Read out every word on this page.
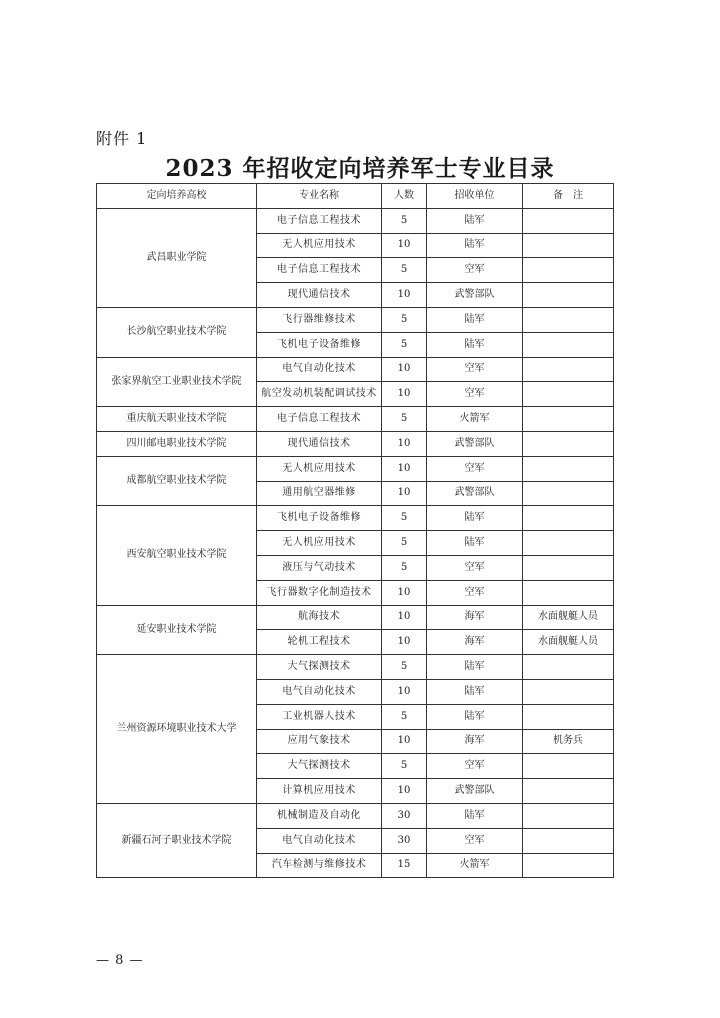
附件 1
2023 年招收定向培养军士专业目录
定向培养高校	专业名称	人数	招收单位	备　注
武昌职业学院	电子信息工程技术	5	陆军	
	无人机应用技术	10	陆军	
	电子信息工程技术	5	空军	
	现代通信技术	10	武警部队	
长沙航空职业技术学院	飞行器维修技术	5	陆军	
	飞机电子设备维修	5	陆军	
张家界航空工业职业技术学院	电气自动化技术	10	空军	
	航空发动机装配调试技术	10	空军	
重庆航天职业技术学院	电子信息工程技术	5	火箭军	
四川邮电职业技术学院	现代通信技术	10	武警部队	
成都航空职业技术学院	无人机应用技术	10	空军	
	通用航空器维修	10	武警部队	
西安航空职业技术学院	飞机电子设备维修	5	陆军	
	无人机应用技术	5	陆军	
	液压与气动技术	5	空军	
	飞行器数字化制造技术	10	空军	
延安职业技术学院	航海技术	10	海军	水面舰艇人员
	轮机工程技术	10	海军	水面舰艇人员
兰州资源环境职业技术大学	大气探测技术	5	陆军	
	电气自动化技术	10	陆军	
	工业机器人技术	5	陆军	
	应用气象技术	10	海军	机务兵
	大气探测技术	5	空军	
	计算机应用技术	10	武警部队	
新疆石河子职业技术学院	机械制造及自动化	30	陆军	
	电气自动化技术	30	空军	
	汽车检测与维修技术	15	火箭军	
— 8 —
